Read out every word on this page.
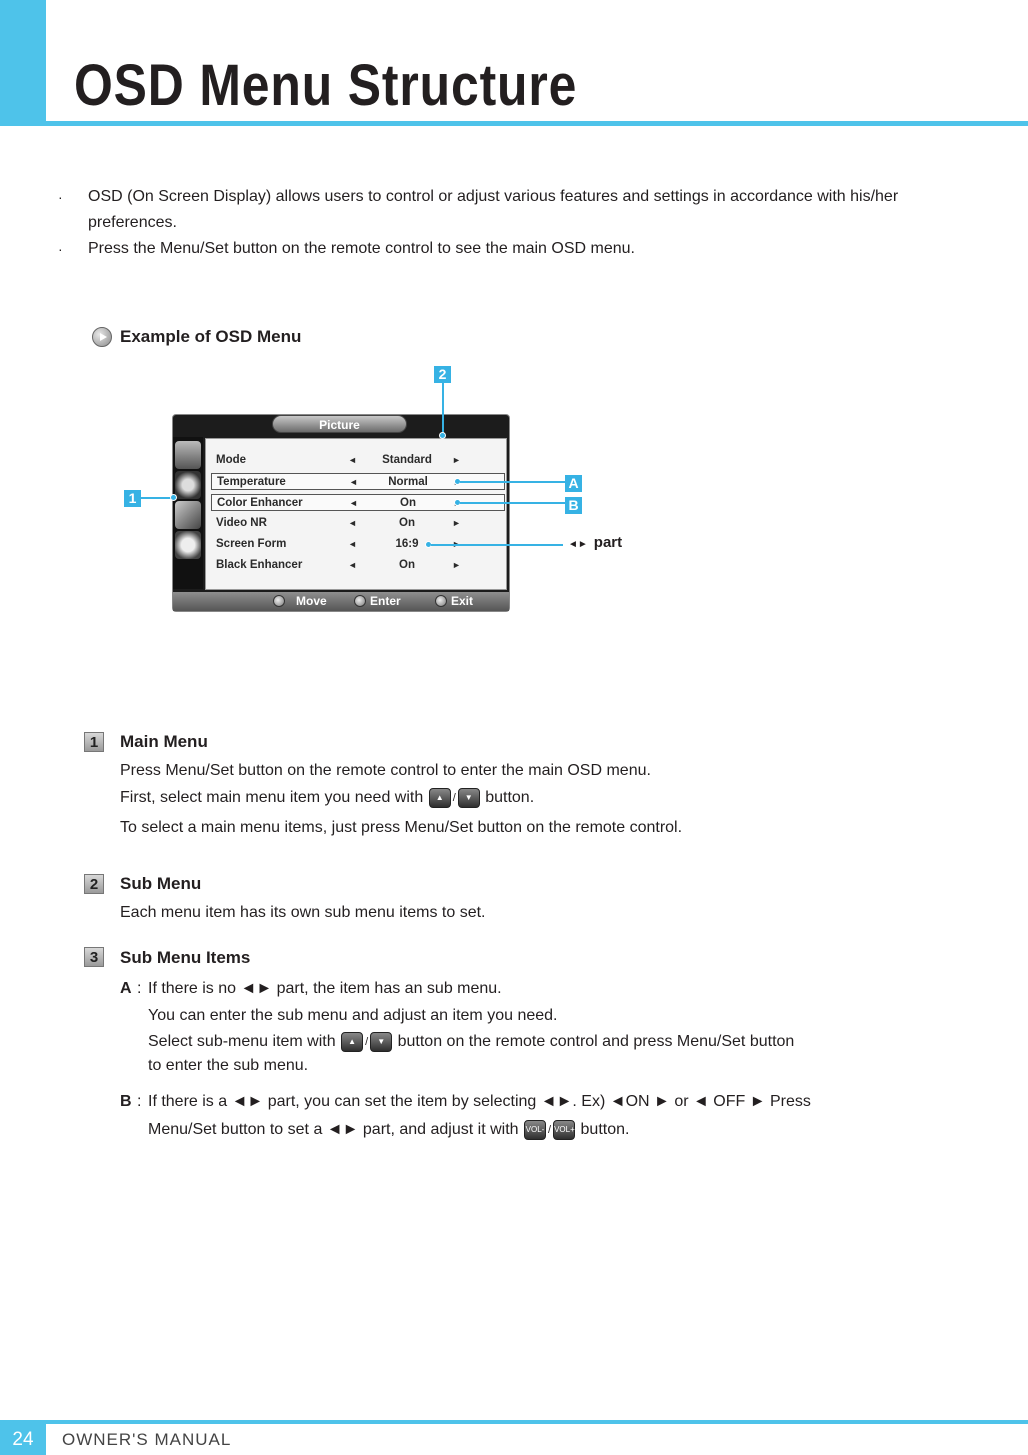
OSD Menu Structure
· OSD (On Screen Display) allows users to control or adjust various features and settings in accordance with his/her
preferences.
· Press the Menu/Set button on the remote control to see the main OSD menu.
Example of OSD Menu
Picture
Mode	◄	Standard	►
Temperature	◄	Normal
Color Enhancer	◄	On
Video NR	◄	On	►
Screen Form	◄	16:9
Black Enhancer	◄	On	►
Move	Enter	Exit
1
2
A
B
◄► part
1	Main Menu
Press Menu/Set button on the remote control to enter the main OSD menu.
First, select main menu item you need with ▲ / ▼ button.
To select a main menu items, just press Menu/Set button on the remote control.
2	Sub Menu
Each menu item has its own sub menu items to set.
3	Sub Menu Items
A : If there is no ◄► part, the item has an sub menu.
You can enter the sub menu and adjust an item you need.
Select sub-menu item with ▲ / ▼ button on the remote control and press Menu/Set button
to enter the sub menu.
B : If there is a ◄► part, you can set the item by selecting ◄►. Ex) ◄ON ► or ◄ OFF ► Press
Menu/Set button to set a ◄► part, and adjust it with VOL- / VOL+ button.
24	OWNER'S MANUAL
